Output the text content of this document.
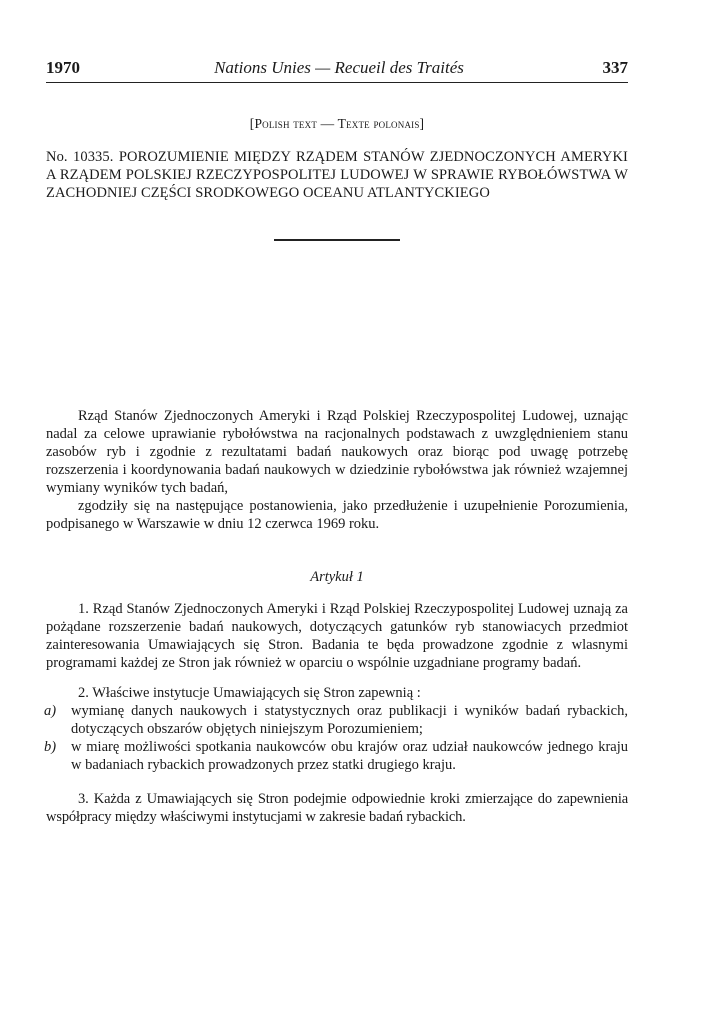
1970	Nations Unies — Recueil des Traités	337
[Polish text — Texte polonais]
No. 10335. POROZUMIENIE MIĘDZY RZĄDEM STANÓW ZJEDNOCZONYCH AMERYKI A RZĄDEM POLSKIEJ RZECZYPOSPOLITEJ LUDOWEJ W SPRAWIE RYBOŁÓWSTWA W ZACHODNIEJ CZĘŚCI SRODKOWEGO OCEANU ATLANTYCKIEGO

Rząd Stanów Zjednoczonych Ameryki i Rząd Polskiej Rzeczypospolitej Ludowej, uznając nadal za celowe uprawianie rybołówstwa na racjonalnych podstawach z uwzględnieniem stanu zasobów ryb i zgodnie z rezultatami badań naukowych oraz biorąc pod uwagę potrzebę rozszerzenia i koordynowania badań naukowych w dziedzinie rybołówstwa jak również wzajemnej wymiany wyników tych badań,

zgodziły się na następujące postanowienia, jako przedłużenie i uzupełnienie Porozumienia, podpisanego w Warszawie w dniu 12 czerwca 1969 roku.

Artykuł 1

1. Rząd Stanów Zjednoczonych Ameryki i Rząd Polskiej Rzeczypospolitej Ludowej uznają za pożądane rozszerzenie badań naukowych, dotyczących gatunków ryb stanowiacych przedmiot zainteresowania Umawiających się Stron. Badania te będa prowadzone zgodnie z wlasnymi programami każdej ze Stron jak również w oparciu o wspólnie uzgadniane programy badań.

2. Właściwe instytucje Umawiających się Stron zapewnią :

a) wymianę danych naukowych i statystycznych oraz publikacji i wyników badań rybackich, dotyczących obszarów objętych niniejszym Porozumieniem;
b) w miarę możliwości spotkania naukowców obu krajów oraz udział naukowców jednego kraju w badaniach rybackich prowadzonych przez statki drugiego kraju.

3. Każda z Umawiających się Stron podejmie odpowiednie kroki zmierzające do zapewnienia współpracy między właściwymi instytucjami w zakresie badań rybackich.
